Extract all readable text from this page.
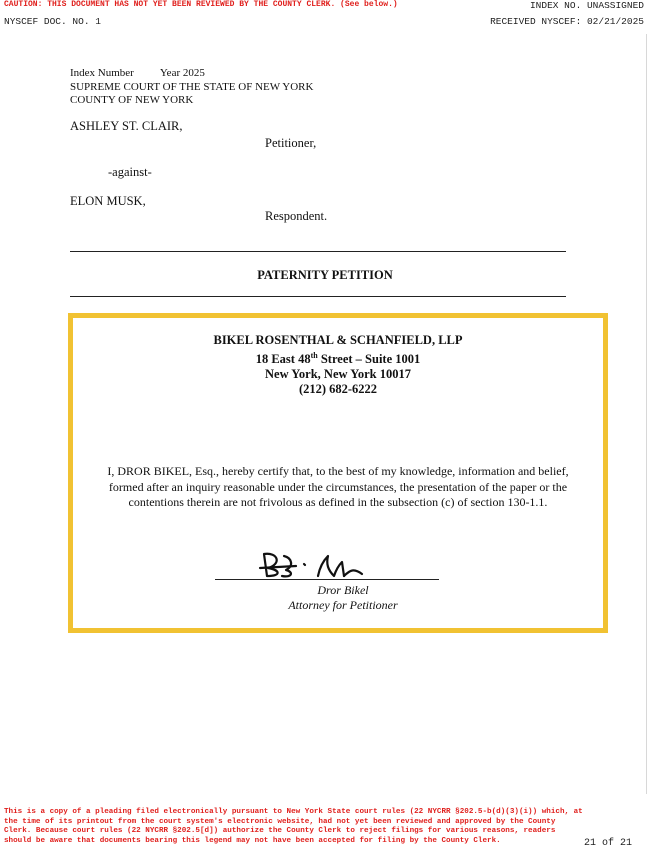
CAUTION: THIS DOCUMENT HAS NOT YET BEEN REVIEWED BY THE COUNTY CLERK. (See below.)	INDEX NO. UNASSIGNED
NYSCEF DOC. NO. 1	RECEIVED NYSCEF: 02/21/2025
Index Number Year 2025
SUPREME COURT OF THE STATE OF NEW YORK
COUNTY OF NEW YORK
ASHLEY ST. CLAIR,
Petitioner,
-against-
ELON MUSK,
Respondent.
PATERNITY PETITION
BIKEL ROSENTHAL & SCHANFIELD, LLP
18 East 48th Street – Suite 1001
New York, New York 10017
(212) 682-6222
I, DROR BIKEL, Esq., hereby certify that, to the best of my knowledge, information and belief, formed after an inquiry reasonable under the circumstances, the presentation of the paper or the contentions therein are not frivolous as defined in the subsection (c) of section 130-1.1.
Dror Bikel
Attorney for Petitioner
This is a copy of a pleading filed electronically pursuant to New York State court rules (22 NYCRR §202.5-b(d)(3)(i)) which, at the time of its printout from the court system's electronic website, had not yet been reviewed and approved by the County Clerk. Because court rules (22 NYCRR §202.5[d]) authorize the County Clerk to reject filings for various reasons, readers should be aware that documents bearing this legend may not have been accepted for filing by the County Clerk.	21 of 21
